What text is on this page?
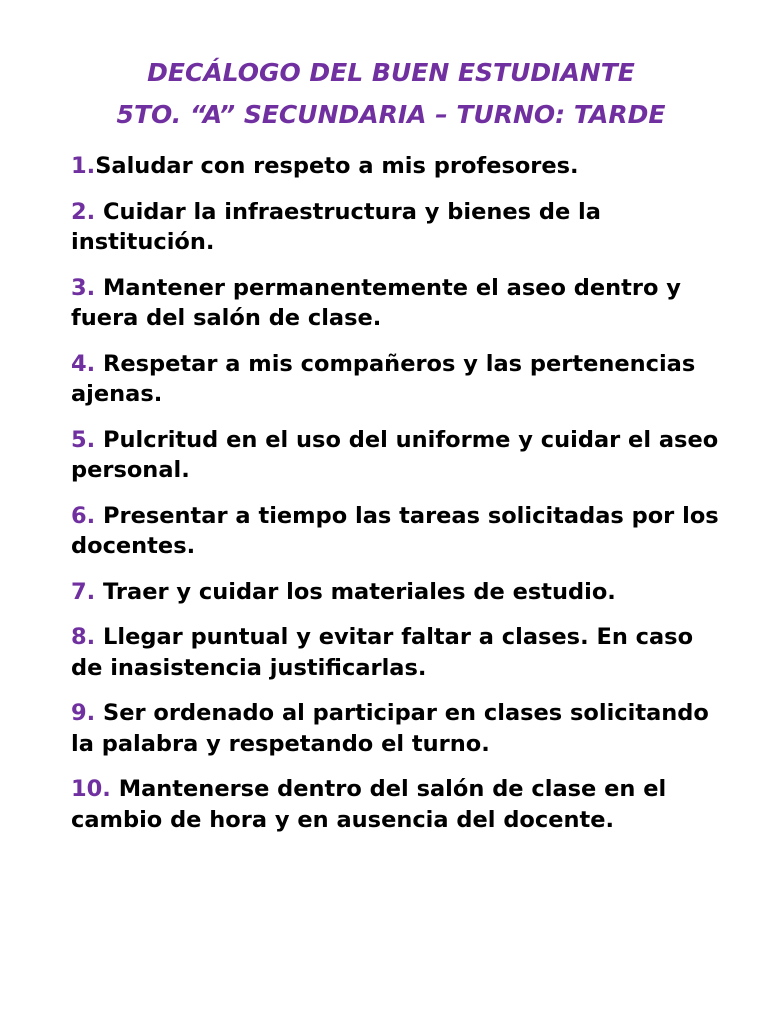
DECÁLOGO DEL BUEN ESTUDIANTE
5TO. “A” SECUNDARIA – TURNO: TARDE
1.Saludar con respeto a mis profesores.
2. Cuidar la infraestructura y bienes de la institución.
3. Mantener permanentemente el aseo dentro y fuera del salón de clase.
4. Respetar a mis compañeros y las pertenencias ajenas.
5. Pulcritud en el uso del uniforme y cuidar el aseo personal.
6. Presentar a tiempo las tareas solicitadas por los docentes.
7. Traer y cuidar los materiales de estudio.
8. Llegar puntual y evitar faltar a clases. En caso de inasistencia justificarlas.
9. Ser ordenado al participar en clases solicitando la palabra y respetando el turno.
10. Mantenerse dentro del salón de clase en el cambio de hora y en ausencia del docente.
